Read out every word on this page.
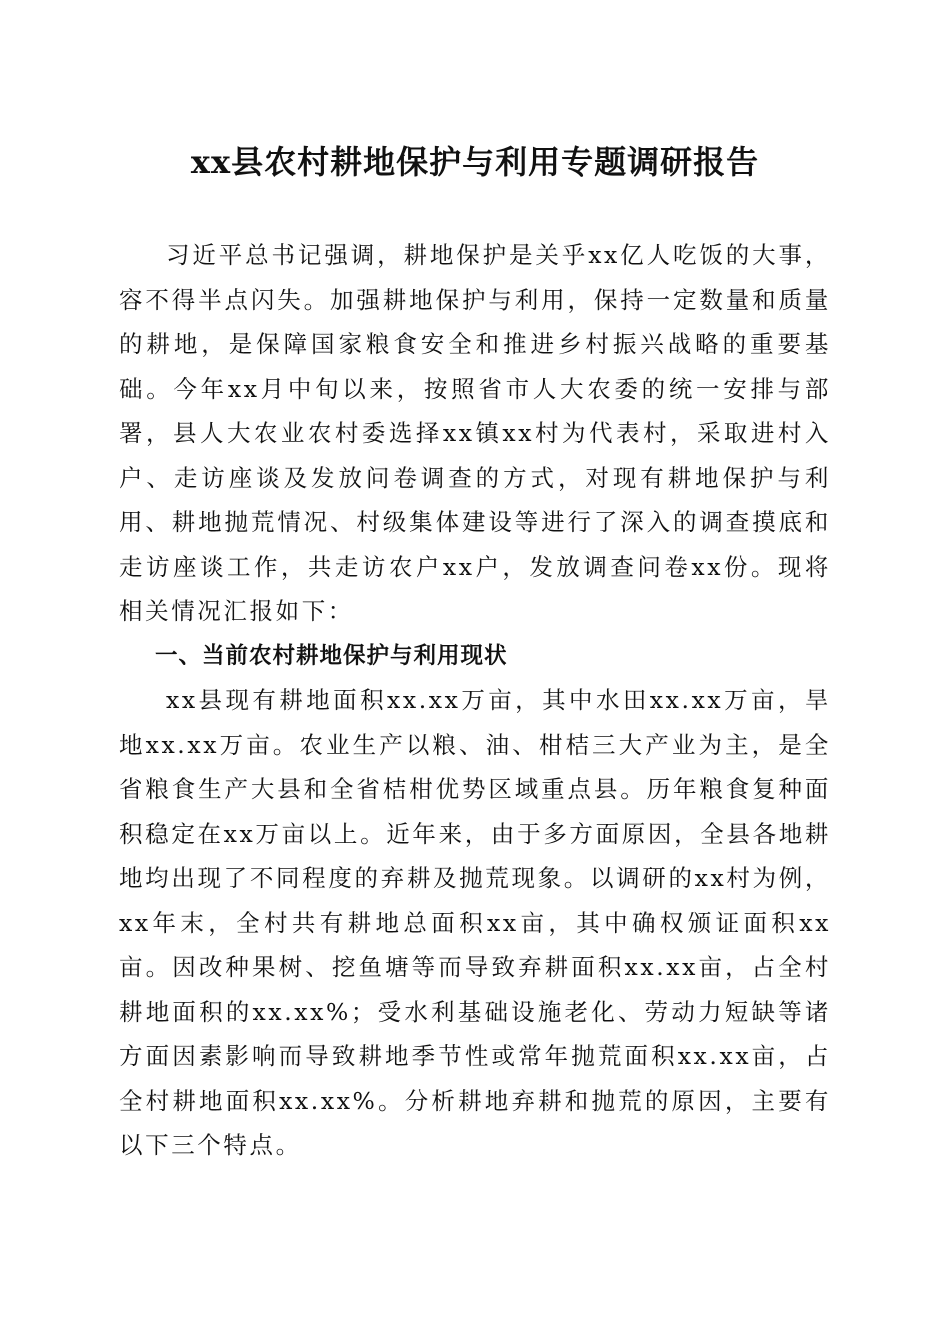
xx县农村耕地保护与利用专题调研报告

习近平总书记强调，耕地保护是关乎xx亿人吃饭的大事，容不得半点闪失。加强耕地保护与利用，保持一定数量和质量的耕地，是保障国家粮食安全和推进乡村振兴战略的重要基础。今年xx月中旬以来，按照省市人大农委的统一安排与部署，县人大农业农村委选择xx镇xx村为代表村，采取进村入户、走访座谈及发放问卷调查的方式，对现有耕地保护与利用、耕地抛荒情况、村级集体建设等进行了深入的调查摸底和走访座谈工作，共走访农户xx户，发放调查问卷xx份。现将相关情况汇报如下：

一、当前农村耕地保护与利用现状

xx县现有耕地面积xx.xx万亩，其中水田xx.xx万亩，旱地xx.xx万亩。农业生产以粮、油、柑桔三大产业为主，是全省粮食生产大县和全省桔柑优势区域重点县。历年粮食复种面积稳定在xx万亩以上。近年来，由于多方面原因，全县各地耕地均出现了不同程度的弃耕及抛荒现象。以调研的xx村为例，xx年末，全村共有耕地总面积xx亩，其中确权颁证面积xx亩。因改种果树、挖鱼塘等而导致弃耕面积xx.xx亩，占全村耕地面积的xx.xx%；受水利基础设施老化、劳动力短缺等诸方面因素影响而导致耕地季节性或常年抛荒面积xx.xx亩，占全村耕地面积xx.xx%。分析耕地弃耕和抛荒的原因，主要有以下三个特点。
